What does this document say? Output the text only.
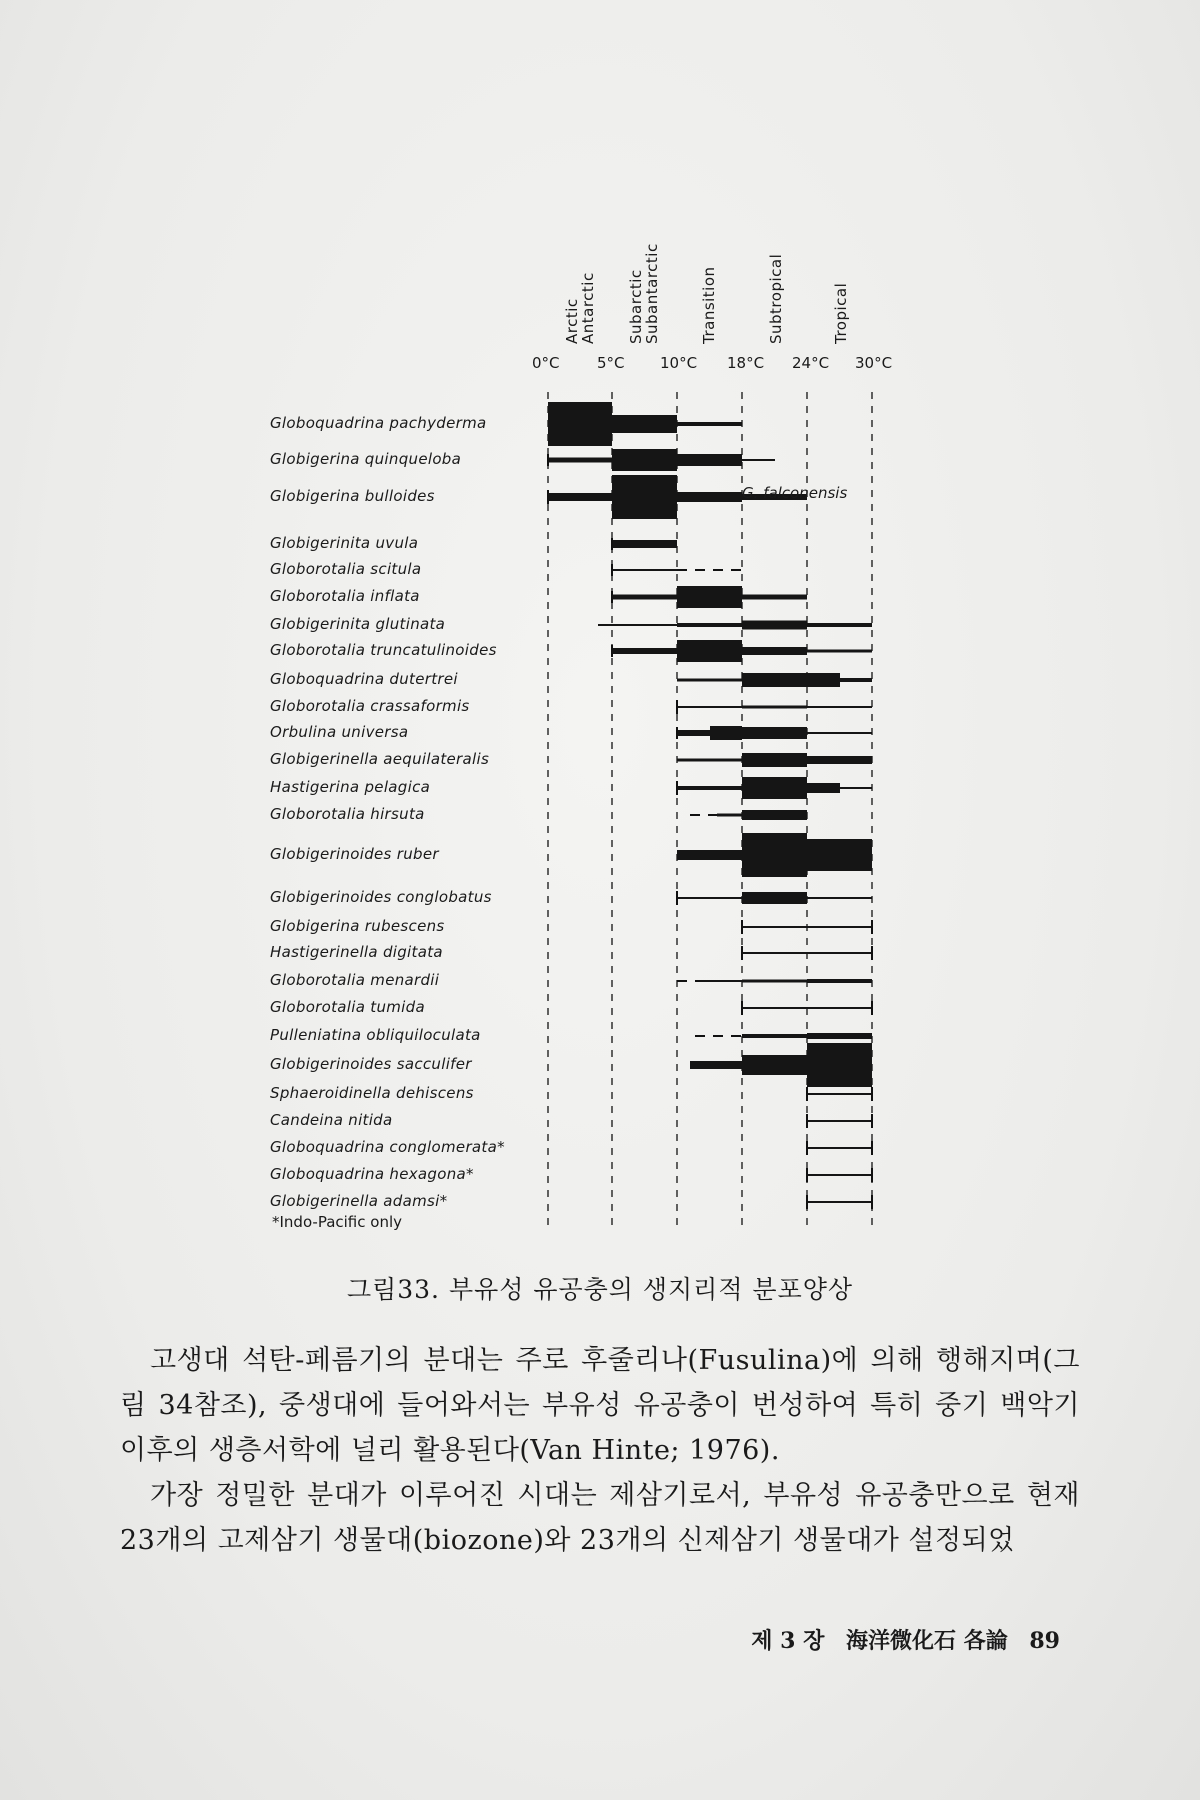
Arctic
Antarctic Subarctic
Subantarctic	Transition	Subtropical	Tropical
0°C 5°C 10°C 18°C 24°C 30°C
Globoquadrina pachyderma
Globigerina quinqueloba
Globigerina bulloides
Globigerinita uvula
Globorotalia scitula
Globorotalia inflata
Globigerinita glutinata
Globorotalia truncatulinoides
Globoquadrina dutertrei
Globorotalia crassaformis
Orbulina universa
Globigerinella aequilateralis
Hastigerina pelagica
Globorotalia hirsuta
Globigerinoides ruber
Globigerinoides conglobatus
Globigerina rubescens
Hastigerinella digitata
Globorotalia menardii
Globorotalia tumida
Pulleniatina obliquiloculata
Globigerinoides sacculifer
Sphaeroidinella dehiscens
Candeina nitida
Globoquadrina conglomerata*
Globoquadrina hexagona*
Globigerinella adamsi*
G. falconensis
*Indo-Pacific only
그림33. 부유성 유공충의 생지리적 분포양상

고생대 석탄-페름기의 분대는 주로 후줄리나(Fusulina)에 의해 행해지며(그림 34참조), 중생대에 들어와서는 부유성 유공충이 번성하여 특히 중기 백악기 이후의 생층서학에 널리 활용된다(Van Hinte; 1976).

가장 정밀한 분대가 이루어진 시대는 제삼기로서, 부유성 유공충만으로 현재 23개의 고제삼기 생물대(biozone)와 23개의 신제삼기 생물대가 설정되었

제 3 장 海洋微化石 各論 89
